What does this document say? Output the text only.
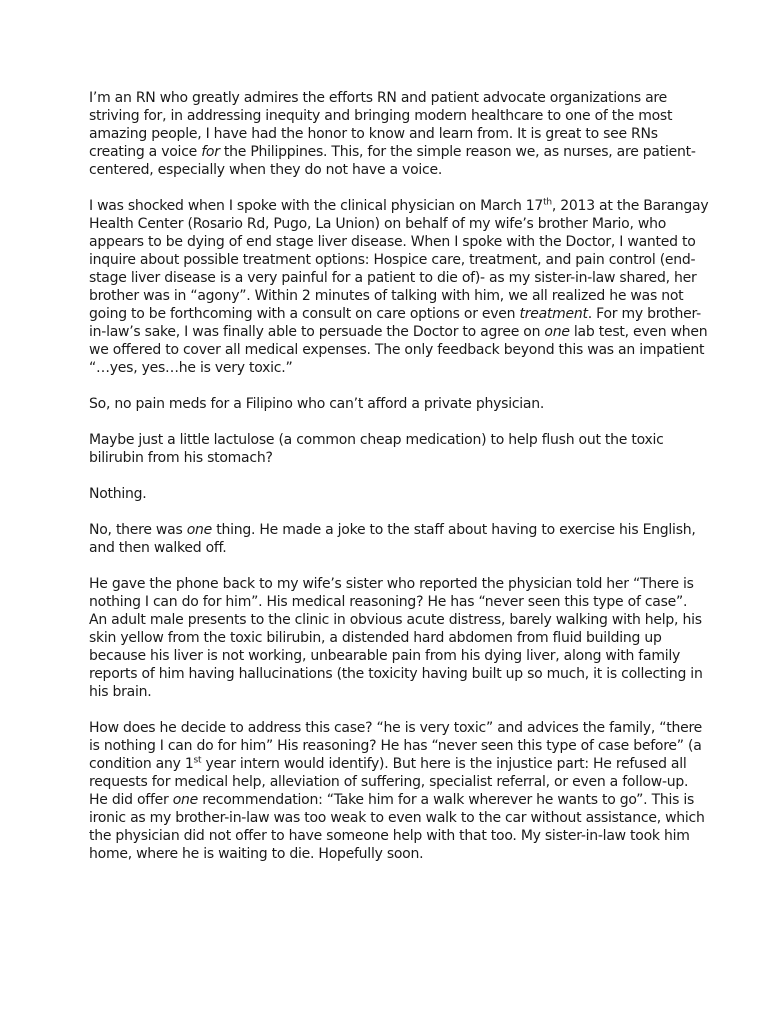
I’m an RN who greatly admires the efforts RN and patient advocate organizations are striving for, in addressing inequity and bringing modern healthcare to one of the most amazing people, I have had the honor to know and learn from. It is great to see RNs creating a voice for the Philippines. This, for the simple reason we, as nurses, are patient-centered, especially when they do not have a voice.

I was shocked when I spoke with the clinical physician on March 17th, 2013 at the Barangay Health Center (Rosario Rd, Pugo, La Union) on behalf of my wife’s brother Mario, who appears to be dying of end stage liver disease. When I spoke with the Doctor, I wanted to inquire about possible treatment options: Hospice care, treatment, and pain control (end-stage liver disease is a very painful for a patient to die of)- as my sister-in-law shared, her brother was in “agony”. Within 2 minutes of talking with him, we all realized he was not going to be forthcoming with a consult on care options or even treatment. For my brother-in-law’s sake, I was finally able to persuade the Doctor to agree on one lab test, even when we offered to cover all medical expenses. The only feedback beyond this was an impatient “…yes, yes…he is very toxic.”

So, no pain meds for a Filipino who can’t afford a private physician.

Maybe just a little lactulose (a common cheap medication) to help flush out the toxic bilirubin from his stomach?

Nothing.

No, there was one thing. He made a joke to the staff about having to exercise his English, and then walked off.

He gave the phone back to my wife’s sister who reported the physician told her “There is nothing I can do for him”. His medical reasoning? He has “never seen this type of case”. An adult male presents to the clinic in obvious acute distress, barely walking with help, his skin yellow from the toxic bilirubin, a distended hard abdomen from fluid building up because his liver is not working, unbearable pain from his dying liver, along with family reports of him having hallucinations (the toxicity having built up so much, it is collecting in his brain.

How does he decide to address this case? “he is very toxic” and advices the family, “there is nothing I can do for him” His reasoning? He has “never seen this type of case before” (a condition any 1st year intern would identify). But here is the injustice part: He refused all requests for medical help, alleviation of suffering, specialist referral, or even a follow-up. He did offer one recommendation: “Take him for a walk wherever he wants to go”. This is ironic as my brother-in-law was too weak to even walk to the car without assistance, which the physician did not offer to have someone help with that too. My sister-in-law took him home, where he is waiting to die. Hopefully soon.
